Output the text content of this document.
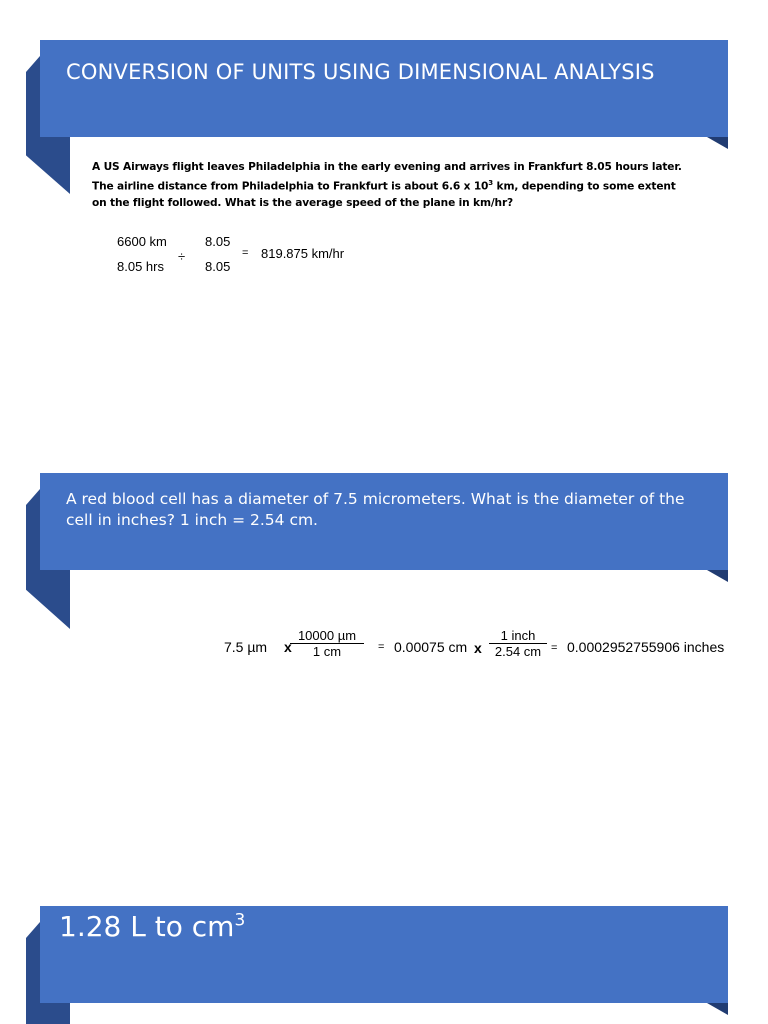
CONVERSION OF UNITS USING DIMENSIONAL ANALYSIS
A US Airways flight leaves Philadelphia in the early evening and arrives in Frankfurt 8.05 hours later.
The airline distance from Philadelphia to Frankfurt is about 6.6 x $10^3$ km, depending to some extent
on the flight followed. What is the average speed of the plane in km/hr?
6600 km
8.05 hrs
÷
8.05
8.05
= 819.875 km/hr
A red blood cell has a diameter of 7.5 micrometers. What is the diameter of the cell in inches? 1 inch = 2.54 cm.
7.5 µm x
10000 µm
1 cm	= 0.00075 cm x
1 inch
2.54 cm = 0.0002952755906 inches
1.28 L to $cm^3$
